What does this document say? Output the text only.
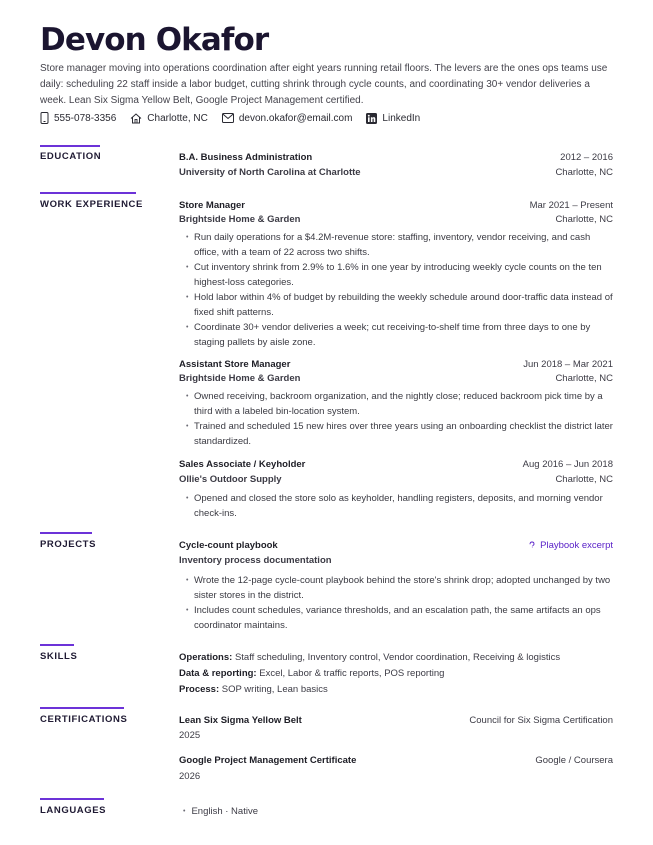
Devon Okafor
Store manager moving into operations coordination after eight years running retail floors. The levers are the ones ops teams use daily: scheduling 22 staff inside a labor budget, cutting shrink through cycle counts, and coordinating 30+ vendor deliveries a week. Lean Six Sigma Yellow Belt, Google Project Management certified.
555-078-3356	Charlotte, NC	devon.okafor@email.com	LinkedIn
EDUCATION	B.A. Business Administration	2012 – 2016
University of North Carolina at Charlotte	Charlotte, NC
WORK EXPERIENCE	Store Manager	Mar 2021 – Present
Brightside Home & Garden	Charlotte, NC
• Run daily operations for a $4.2M-revenue store: staffing, inventory, vendor receiving, and cash office, with a team of 22 across two shifts.
• Cut inventory shrink from 2.9% to 1.6% in one year by introducing weekly cycle counts on the ten highest-loss categories.
• Hold labor within 4% of budget by rebuilding the weekly schedule around door-traffic data instead of fixed shift patterns.
• Coordinate 30+ vendor deliveries a week; cut receiving-to-shelf time from three days to one by staging pallets by aisle zone.
Assistant Store Manager	Jun 2018 – Mar 2021
Brightside Home & Garden	Charlotte, NC
• Owned receiving, backroom organization, and the nightly close; reduced backroom pick time by a third with a labeled bin-location system.
• Trained and scheduled 15 new hires over three years using an onboarding checklist the district later standardized.
Sales Associate / Keyholder	Aug 2016 – Jun 2018
Ollie's Outdoor Supply	Charlotte, NC
• Opened and closed the store solo as keyholder, handling registers, deposits, and morning vendor check-ins.
PROJECTS	Cycle-count playbook	Playbook excerpt
Inventory process documentation
• Wrote the 12-page cycle-count playbook behind the store's shrink drop; adopted unchanged by two sister stores in the district.
• Includes count schedules, variance thresholds, and an escalation path, the same artifacts an ops coordinator maintains.
SKILLS	Operations: Staff scheduling, Inventory control, Vendor coordination, Receiving & logistics
Data & reporting: Excel, Labor & traffic reports, POS reporting
Process: SOP writing, Lean basics
CERTIFICATIONS	Lean Six Sigma Yellow Belt	Council for Six Sigma Certification
2025
Google Project Management Certificate	Google / Coursera
2026
LANGUAGES	• English · Native
